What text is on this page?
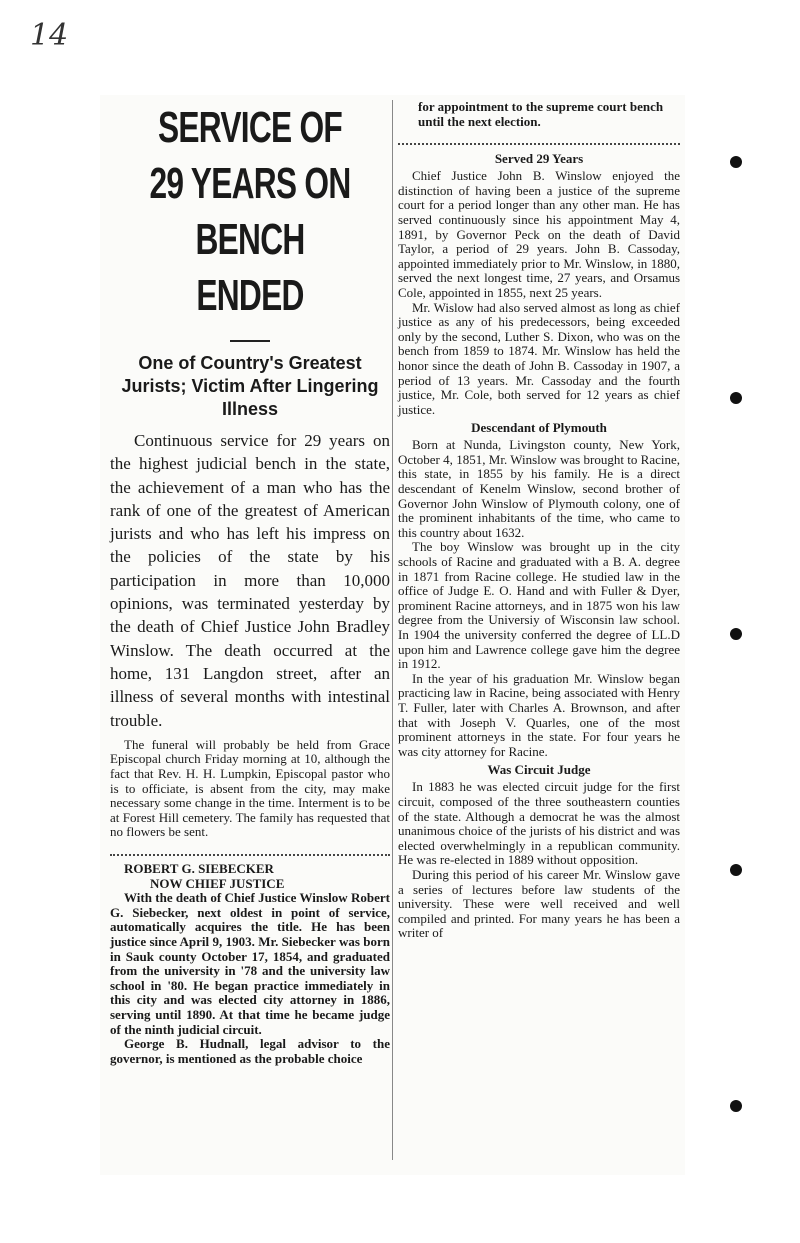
14
SERVICE OF
29 YEARS ON
BENCH ENDED

One of Country's Greatest Jurists; Victim After Lingering Illness

Continuous service for 29 years on the highest judicial bench in the state, the achievement of a man who has the rank of one of the greatest of American jurists and who has left his impress on the policies of the state by his participation in more than 10,000 opinions, was terminated yesterday by the death of Chief Justice John Bradley Winslow. The death occurred at the home, 131 Langdon street, after an illness of several months with intestinal trouble.

The funeral will probably be held from Grace Episcopal church Friday morning at 10, although the fact that Rev. H. H. Lumpkin, Episcopal pastor who is to officiate, is absent from the city, may make necessary some change in the time. Interment is to be at Forest Hill cemetery. The family has requested that no flowers be sent.

ROBERT G. SIEBECKER

NOW CHIEF JUSTICE

With the death of Chief Justice Winslow Robert G. Siebecker, next oldest in point of service, automatically acquires the title. He has been justice since April 9, 1903. Mr. Siebecker was born in Sauk county October 17, 1854, and graduated from the university in '78 and the university law school in '80. He began practice immediately in this city and was elected city attorney in 1886, serving until 1890. At that time he became judge of the ninth judicial circuit.

George B. Hudnall, legal advisor to the governor, is mentioned as the probable choice

for appointment to the supreme court bench until the next election.

Served 29 Years

Chief Justice John B. Winslow enjoyed the distinction of having been a justice of the supreme court for a period longer than any other man. He has served continuously since his appointment May 4, 1891, by Governor Peck on the death of David Taylor, a period of 29 years. John B. Cassoday, appointed immediately prior to Mr. Winslow, in 1880, served the next longest time, 27 years, and Orsamus Cole, appointed in 1855, next 25 years.

Mr. Wislow had also served almost as long as chief justice as any of his predecessors, being exceeded only by the second, Luther S. Dixon, who was on the bench from 1859 to 1874. Mr. Winslow has held the honor since the death of John B. Cassoday in 1907, a period of 13 years. Mr. Cassoday and the fourth justice, Mr. Cole, both served for 12 years as chief justice.

Descendant of Plymouth

Born at Nunda, Livingston county, New York, October 4, 1851, Mr. Winslow was brought to Racine, this state, in 1855 by his family. He is a direct descendant of Kenelm Winslow, second brother of Governor John Winslow of Plymouth colony, one of the prominent inhabitants of the time, who came to this country about 1632.

The boy Winslow was brought up in the city schools of Racine and graduated with a B. A. degree in 1871 from Racine college. He studied law in the office of Judge E. O. Hand and with Fuller & Dyer, prominent Racine attorneys, and in 1875 won his law degree from the Universiy of Wisconsin law school. In 1904 the university conferred the degree of LL.D upon him and Lawrence college gave him the degree in 1912.

In the year of his graduation Mr. Winslow began practicing law in Racine, being associated with Henry T. Fuller, later with Charles A. Brownson, and after that with Joseph V. Quarles, one of the most prominent attorneys in the state. For four years he was city attorney for Racine.

Was Circuit Judge

In 1883 he was elected circuit judge for the first circuit, composed of the three southeastern counties of the state. Although a democrat he was the almost unanimous choice of the jurists of his district and was elected overwhelmingly in a republican community. He was re-elected in 1889 without opposition.

During this period of his career Mr. Winslow gave a series of lectures before law students of the university. These were well received and well compiled and printed. For many years he has been a writer of
